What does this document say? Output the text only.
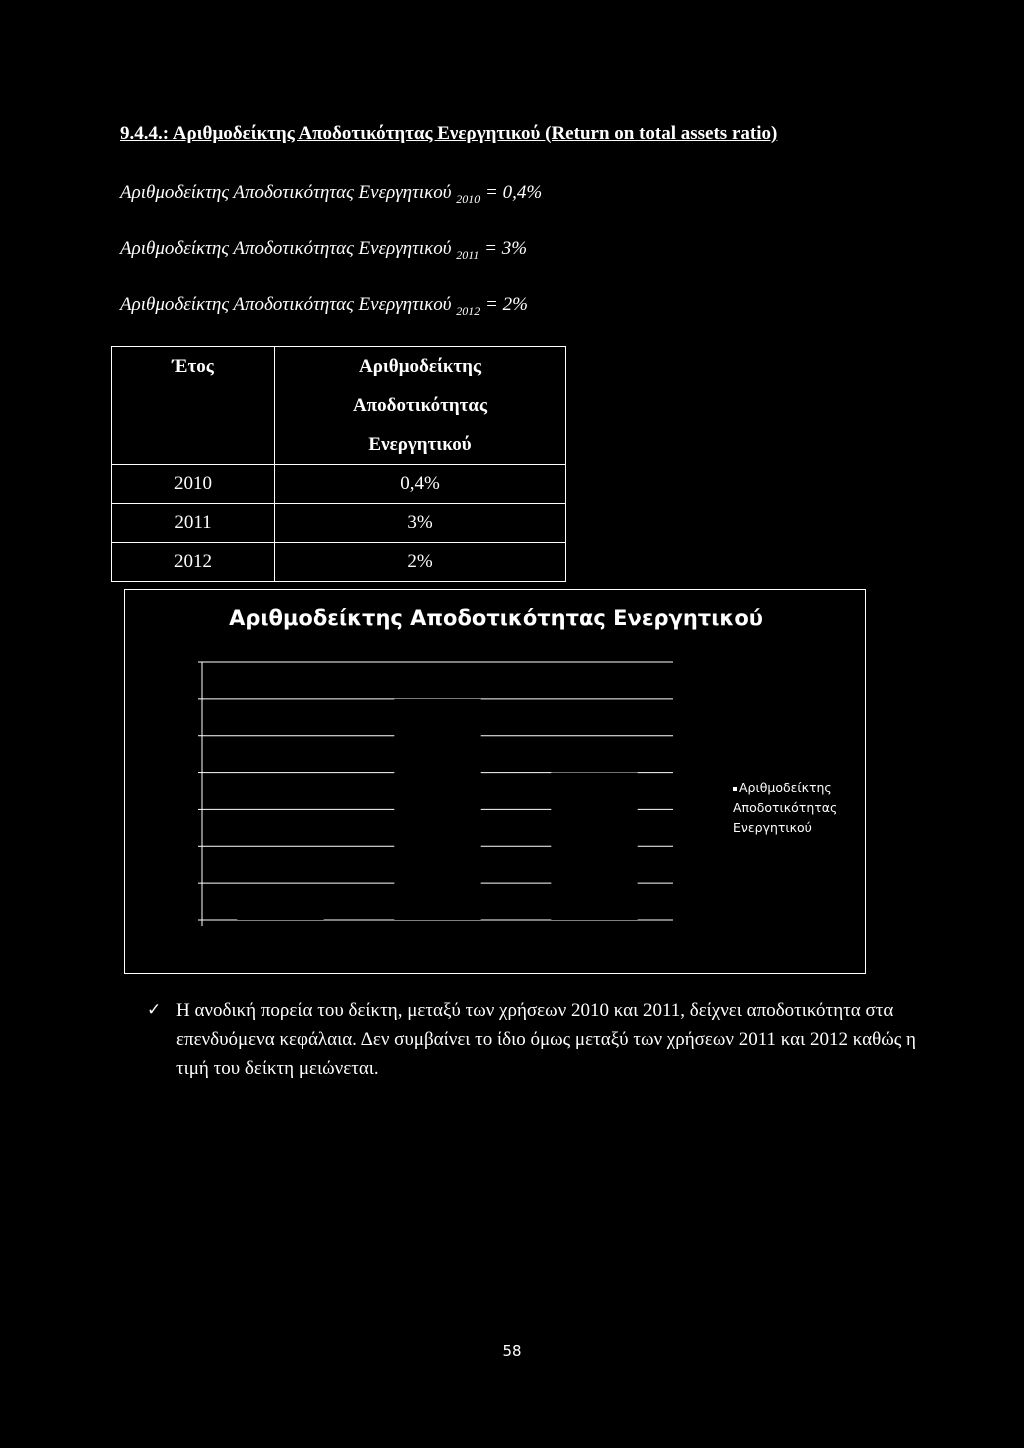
9.4.4.: Αριθμοδείκτης Αποδοτικότητας Ενεργητικού (Return on total assets ratio)
Αριθμοδείκτης Αποδοτικότητας Ενεργητικού $_{2010}$ = 0,4%
Αριθμοδείκτης Αποδοτικότητας Ενεργητικού $_{2011}$ = 3%
Αριθμοδείκτης Αποδοτικότητας Ενεργητικού $_{2012}$ = 2%
Έτος	Αριθμοδείκτης
Αποδοτικότητας
Ενεργητικού

2010	0,4%
2011	3%
2012	2%
Αριθμοδείκτης Αποδοτικότητας Ενεργητικού
Αριθμοδείκτης
Αποδοτικότητας
Ενεργητικού
✓ Η ανοδική πορεία του δείκτη, μεταξύ των χρήσεων 2010 και 2011, δείχνει αποδοτικότητα στα επενδυόμενα κεφάλαια. Δεν συμβαίνει το ίδιο όμως μεταξύ των χρήσεων 2011 και 2012 καθώς η τιμή του δείκτη μειώνεται.
58
